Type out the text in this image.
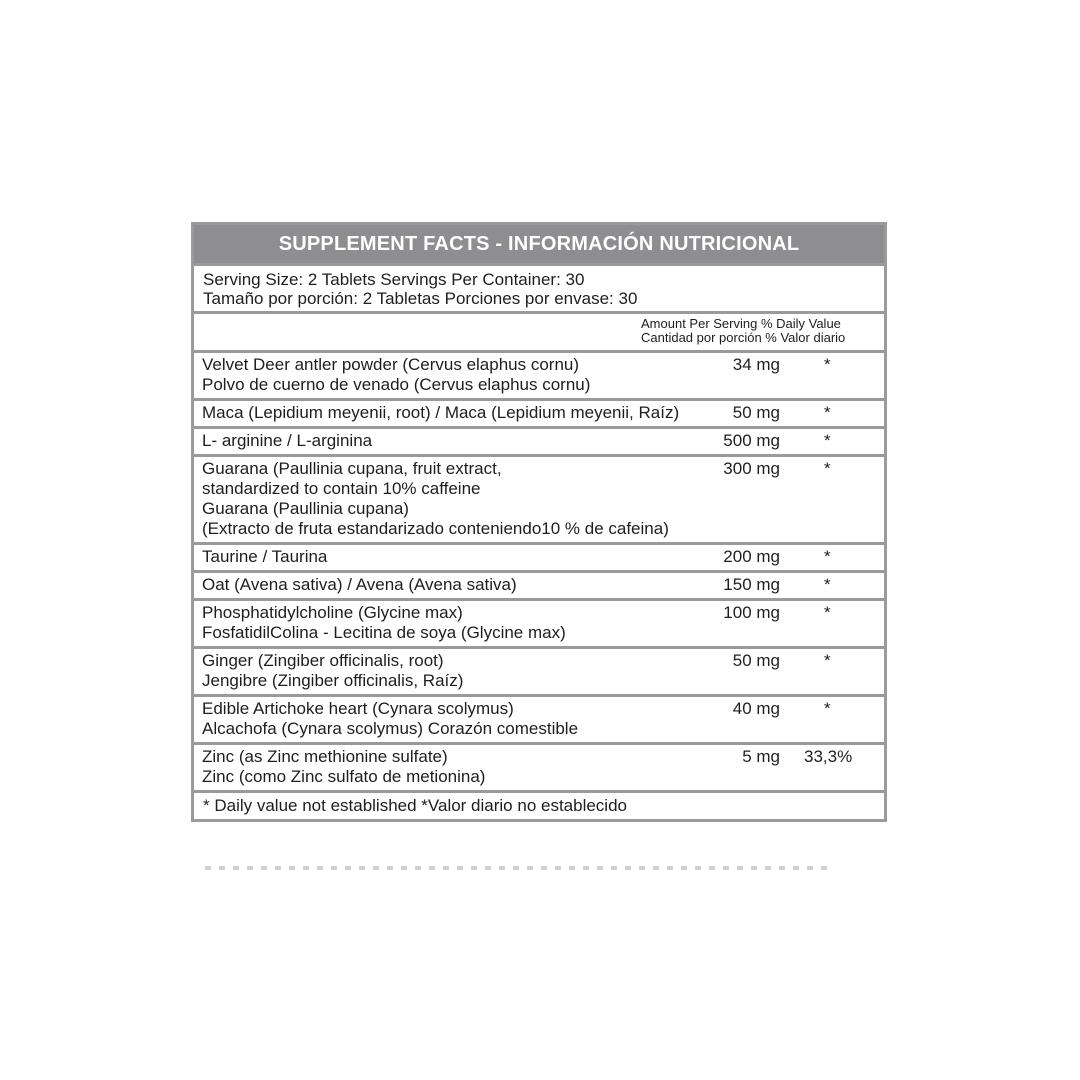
SUPPLEMENT FACTS - INFORMACIÓN NUTRICIONAL
Serving Size: 2 Tablets Servings Per Container: 30
Tamaño por porción: 2 Tabletas Porciones por envase: 30
Amount Per Serving % Daily Value
Cantidad por porción % Valor diario
Velvet Deer antler powder (Cervus elaphus cornu)
Polvo de cuerno de venado (Cervus elaphus cornu)
34 mg	*
Maca (Lepidium meyenii, root) / Maca (Lepidium meyenii, Raíz)	50 mg	*
L- arginine / L-arginina	500 mg	*
Guarana (Paullinia cupana, fruit extract,
standardized to contain 10% caffeine
Guarana (Paullinia cupana)
(Extracto de fruta estandarizado conteniendo10 % de cafeina)
300 mg	*
Taurine / Taurina	200 mg	*
Oat (Avena sativa) / Avena (Avena sativa)	150 mg	*
Phosphatidylcholine (Glycine max)
FosfatidilColina - Lecitina de soya (Glycine max)
100 mg	*
Ginger (Zingiber officinalis, root)
Jengibre (Zingiber officinalis, Raíz)
50 mg	*
Edible Artichoke heart (Cynara scolymus)
Alcachofa (Cynara scolymus) Corazón comestible
40 mg	*
Zinc (as Zinc methionine sulfate)
Zinc (como Zinc sulfato de metionina)
5 mg 33,3%
* Daily value not established *Valor diario no establecido
